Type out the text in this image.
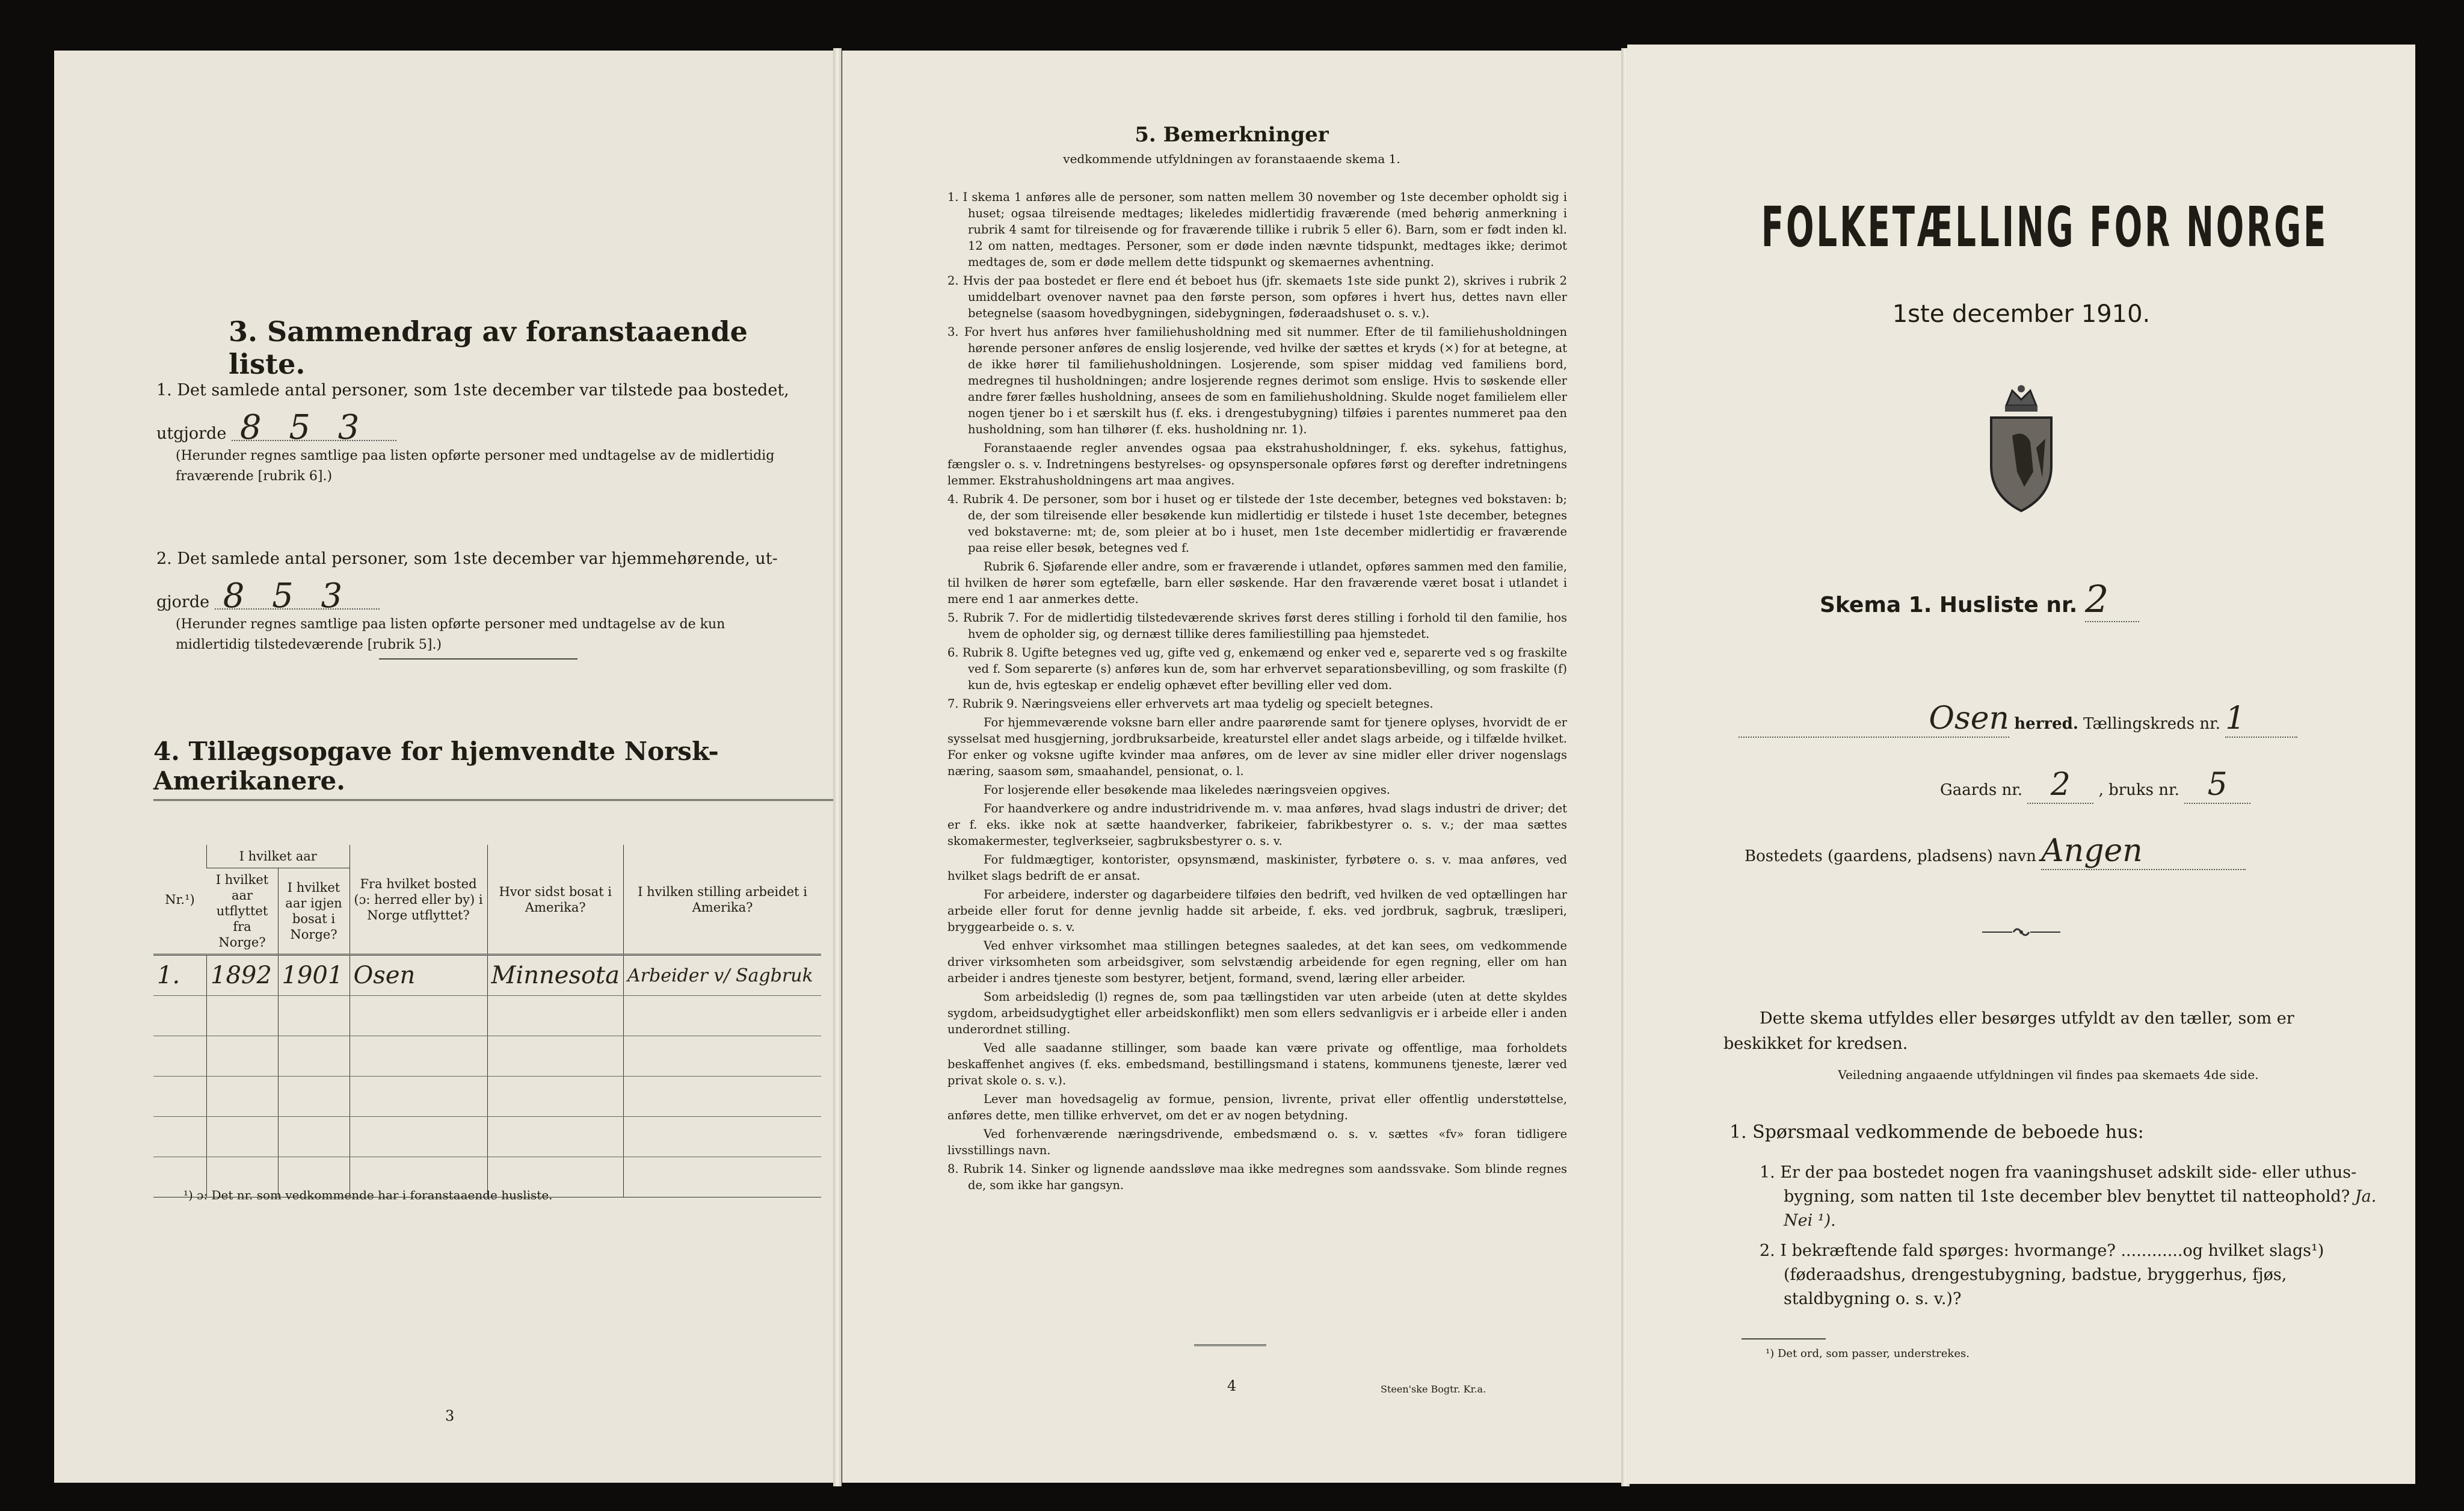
3. Sammendrag av foranstaaende liste.
1. Det samlede antal personer, som 1ste december var tilstede paa bostedet,
utgjorde 8 5 3
(Herunder regnes samtlige paa listen opførte personer med undtagelse av de midlertidig fraværende [rubrik 6].)
2. Det samlede antal personer, som 1ste december var hjemmehørende, ut-
gjorde 8 5 3
(Herunder regnes samtlige paa listen opførte personer med undtagelse av de kun midlertidig tilstedeværende [rubrik 5].)
4. Tillægsopgave for hjemvendte Norsk-Amerikanere.
Nr.¹)	I hvilket aar		Fra hvilket bosted (ɔ: herred eller by) i Norge utflyttet?	Hvor sidst bosat i Amerika?	I hvilken stilling arbeidet i Amerika?
	I hvilket aar utflyttet fra Norge?	I hvilket aar igjen bosat i Norge?			
1.	1892	1901	Osen	Minnesota	Arbeider v/ Sagbruk

¹) ɔ: Det nr. som vedkommende har i foranstaaende husliste.
3
5. Bemerkninger
vedkommende utfyldningen av foranstaaende skema 1.

1. I skema 1 anføres alle de personer, som natten mellem 30 november og 1ste december opholdt sig i huset; ogsaa tilreisende medtages; likeledes midlertidig fraværende (med behørig anmerkning i rubrik 4 samt for tilreisende og for fraværende tillike i rubrik 5 eller 6). Barn, som er født inden kl. 12 om natten, medtages. Personer, som er døde inden nævnte tidspunkt, medtages ikke; derimot medtages de, som er døde mellem dette tidspunkt og skemaernes avhentning.

2. Hvis der paa bostedet er flere end ét beboet hus (jfr. skemaets 1ste side punkt 2), skrives i rubrik 2 umiddelbart ovenover navnet paa den første person, som opføres i hvert hus, dettes navn eller betegnelse (saasom hovedbygningen, sidebygningen, føderaadshuset o. s. v.).

3. For hvert hus anføres hver familiehusholdning med sit nummer. Efter de til familiehusholdningen hørende personer anføres de enslig losjerende, ved hvilke der sættes et kryds (×) for at betegne, at de ikke hører til familiehusholdningen. Losjerende, som spiser middag ved familiens bord, medregnes til husholdningen; andre losjerende regnes derimot som enslige. Hvis to søskende eller andre fører fælles husholdning, ansees de som en familiehusholdning. Skulde noget familielem eller nogen tjener bo i et særskilt hus (f. eks. i drengestubygning) tilføies i parentes nummeret paa den husholdning, som han tilhører (f. eks. husholdning nr. 1).

Foranstaaende regler anvendes ogsaa paa ekstrahusholdninger, f. eks. sykehus, fattighus, fængsler o. s. v. Indretningens bestyrelses- og opsynspersonale opføres først og derefter indretningens lemmer. Ekstrahusholdningens art maa angives.

4. Rubrik 4. De personer, som bor i huset og er tilstede der 1ste december, betegnes ved bokstaven: b; de, der som tilreisende eller besøkende kun midlertidig er tilstede i huset 1ste december, betegnes ved bokstaverne: mt; de, som pleier at bo i huset, men 1ste december midlertidig er fraværende paa reise eller besøk, betegnes ved f.

Rubrik 6. Sjøfarende eller andre, som er fraværende i utlandet, opføres sammen med den familie, til hvilken de hører som egtefælle, barn eller søskende. Har den fraværende været bosat i utlandet i mere end 1 aar anmerkes dette.

5. Rubrik 7. For de midlertidig tilstedeværende skrives først deres stilling i forhold til den familie, hos hvem de opholder sig, og dernæst tillike deres familiestilling paa hjemstedet.

6. Rubrik 8. Ugifte betegnes ved ug, gifte ved g, enkemænd og enker ved e, separerte ved s og fraskilte ved f. Som separerte (s) anføres kun de, som har erhvervet separationsbevilling, og som fraskilte (f) kun de, hvis egteskap er endelig ophævet efter bevilling eller ved dom.

7. Rubrik 9. Næringsveiens eller erhvervets art maa tydelig og specielt betegnes.

For hjemmeværende voksne barn eller andre paarørende samt for tjenere oplyses, hvorvidt de er sysselsat med husgjerning, jordbruksarbeide, kreaturstel eller andet slags arbeide, og i tilfælde hvilket. For enker og voksne ugifte kvinder maa anføres, om de lever av sine midler eller driver nogenslags næring, saasom søm, smaahandel, pensionat, o. l.

For losjerende eller besøkende maa likeledes næringsveien opgives.

For haandverkere og andre industridrivende m. v. maa anføres, hvad slags industri de driver; det er f. eks. ikke nok at sætte haandverker, fabrikeier, fabrikbestyrer o. s. v.; der maa sættes skomakermester, teglverkseier, sagbruksbestyrer o. s. v.

For fuldmægtiger, kontorister, opsynsmænd, maskinister, fyrbøtere o. s. v. maa anføres, ved hvilket slags bedrift de er ansat.

For arbeidere, inderster og dagarbeidere tilføies den bedrift, ved hvilken de ved optællingen har arbeide eller forut for denne jevnlig hadde sit arbeide, f. eks. ved jordbruk, sagbruk, træsliperi, bryggearbeide o. s. v.

Ved enhver virksomhet maa stillingen betegnes saaledes, at det kan sees, om vedkommende driver virksomheten som arbeidsgiver, som selvstændig arbeidende for egen regning, eller om han arbeider i andres tjeneste som bestyrer, betjent, formand, svend, læring eller arbeider.

Som arbeidsledig (l) regnes de, som paa tællingstiden var uten arbeide (uten at dette skyldes sygdom, arbeidsudygtighet eller arbeidskonflikt) men som ellers sedvanligvis er i arbeide eller i anden underordnet stilling.

Ved alle saadanne stillinger, som baade kan være private og offentlige, maa forholdets beskaffenhet angives (f. eks. embedsmand, bestillingsmand i statens, kommunens tjeneste, lærer ved privat skole o. s. v.).

Lever man hovedsagelig av formue, pension, livrente, privat eller offentlig understøttelse, anføres dette, men tillike erhvervet, om det er av nogen betydning.

Ved forhenværende næringsdrivende, embedsmænd o. s. v. sættes «fv» foran tidligere livsstillings navn.

8. Rubrik 14. Sinker og lignende aandssløve maa ikke medregnes som aandssvake. Som blinde regnes de, som ikke har gangsyn.

4	Steen'ske Bogtr. Kr.a.
FOLKETÆLLING FOR NORGE
1ste december 1910.
Skema 1. Husliste nr. 2
Osen herred. Tællingskreds nr. 1
Gaards nr. 2 , bruks nr. 5
Bostedets (gaardens, pladsens) navn Angen
Dette skema utfyldes eller besørges utfyldt av den tæller, som er beskikket for kredsen.
Veiledning angaaende utfyldningen vil findes paa skemaets 4de side.
1. Spørsmaal vedkommende de beboede hus:
1. Er der paa bostedet nogen fra vaaningshuset adskilt side- eller uthus-bygning, som natten til 1ste december blev benyttet til natteophold? Ja. Nei ¹).
2. I bekræftende fald spørges: hvormange? ............og hvilket slags¹) (føderaadshus, drengestubygning, badstue, bryggerhus, fjøs, staldbygning o. s. v.)?
¹) Det ord, som passer, understrekes.
